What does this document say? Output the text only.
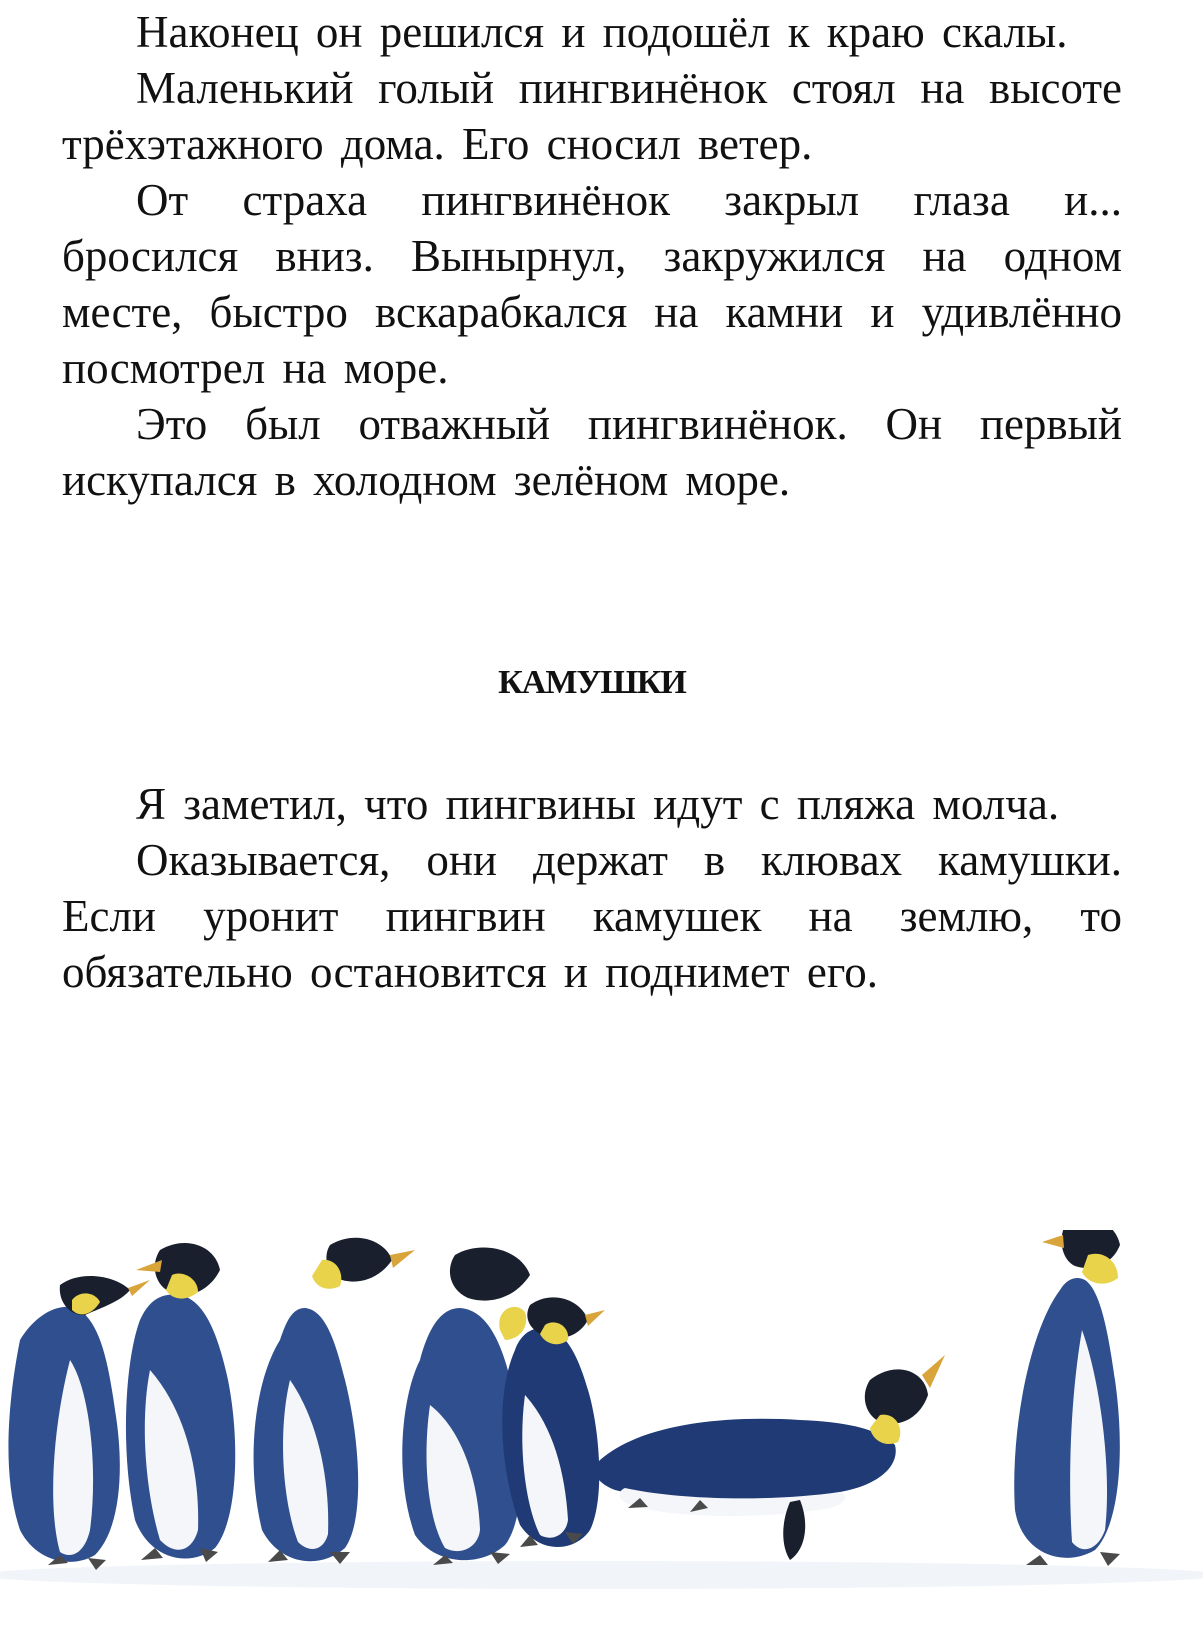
Наконец он решился и подошёл к краю скалы.

Маленький голый пингвинёнок стоял на высоте трёхэтажного дома. Его сносил ветер.

От страха пингвинёнок закрыл глаза и... бросился вниз. Вынырнул, закружился на одном месте, быстро вскарабкался на камни и удивлённо посмотрел на море.

Это был отважный пингвинёнок. Он первый искупался в холодном зелёном море.

КАМУШКИ

Я заметил, что пингвины идут с пляжа молча.

Оказывается, они держат в клювах камушки. Если уронит пингвин камушек на землю, то обязательно остановится и поднимет его.
